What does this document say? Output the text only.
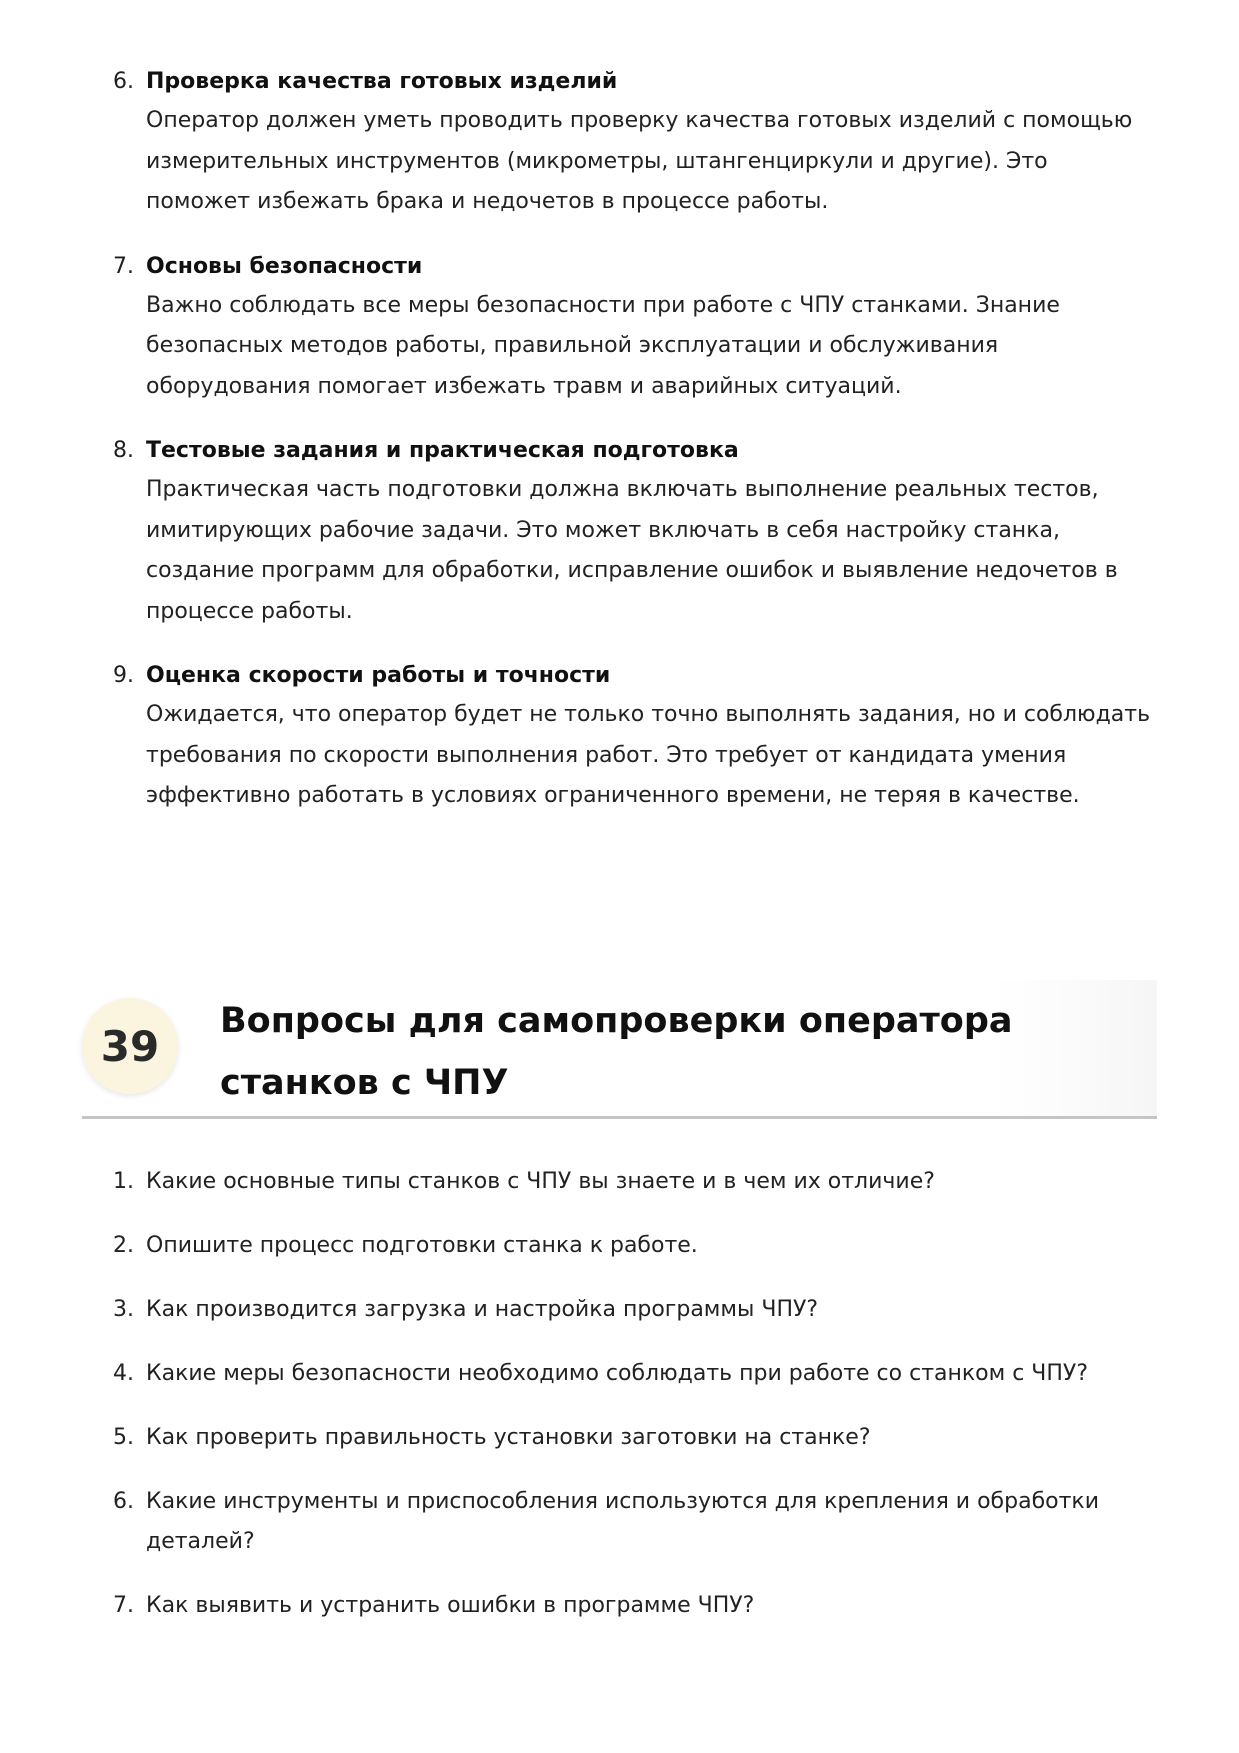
6. Проверка качества готовых изделий
Оператор должен уметь проводить проверку качества готовых изделий с помощью измерительных инструментов (микрометры, штангенциркули и другие). Это поможет избежать брака и недочетов в процессе работы.
7. Основы безопасности
Важно соблюдать все меры безопасности при работе с ЧПУ станками. Знание безопасных методов работы, правильной эксплуатации и обслуживания оборудования помогает избежать травм и аварийных ситуаций.
8. Тестовые задания и практическая подготовка
Практическая часть подготовки должна включать выполнение реальных тестов, имитирующих рабочие задачи. Это может включать в себя настройку станка, создание программ для обработки, исправление ошибок и выявление недочетов в процессе работы.
9. Оценка скорости работы и точности
Ожидается, что оператор будет не только точно выполнять задания, но и соблюдать требования по скорости выполнения работ. Это требует от кандидата умения эффективно работать в условиях ограниченного времени, не теряя в качестве.
39
Вопросы для самопроверки оператора станков с ЧПУ
1. Какие основные типы станков с ЧПУ вы знаете и в чем их отличие?
2. Опишите процесс подготовки станка к работе.
3. Как производится загрузка и настройка программы ЧПУ?
4. Какие меры безопасности необходимо соблюдать при работе со станком с ЧПУ?
5. Как проверить правильность установки заготовки на станке?
6. Какие инструменты и приспособления используются для крепления и обработки деталей?
7. Как выявить и устранить ошибки в программе ЧПУ?
